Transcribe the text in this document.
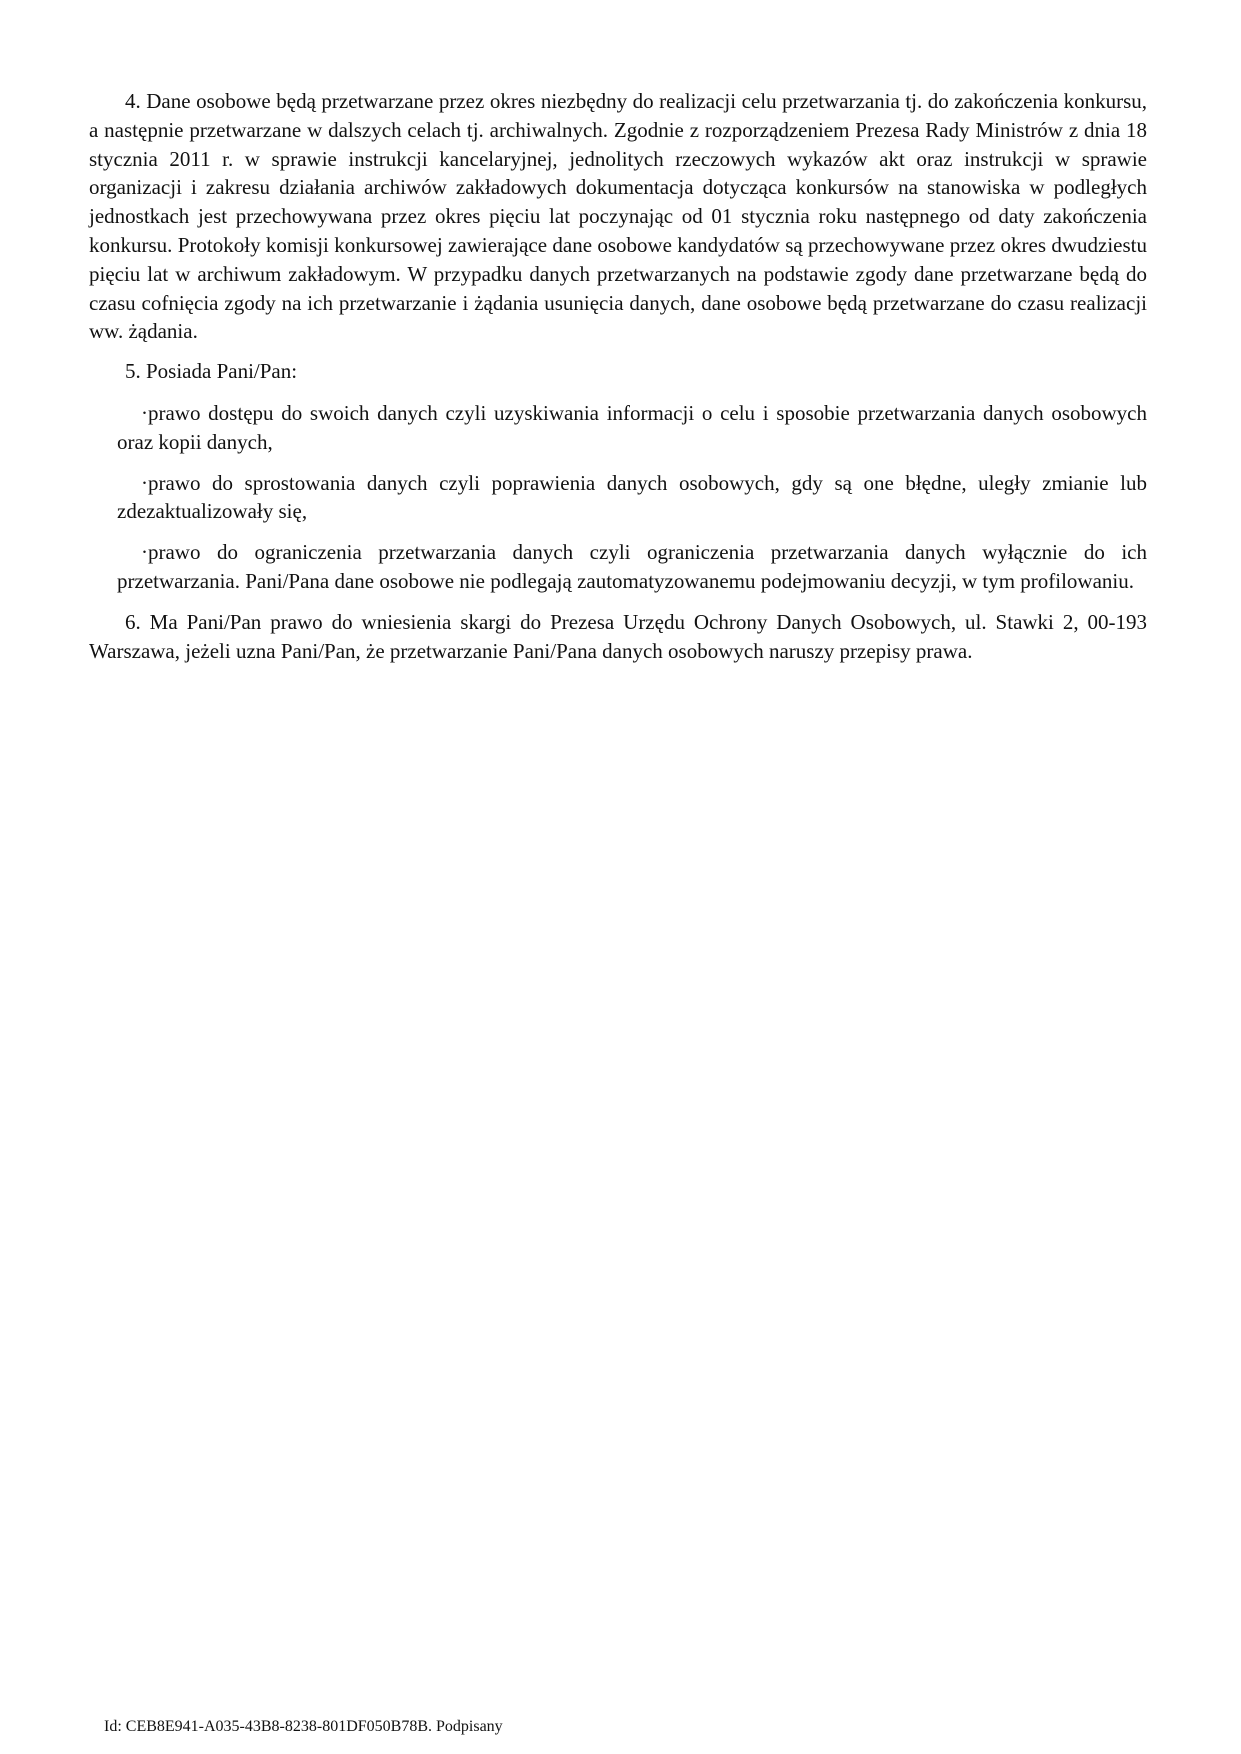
4. Dane osobowe będą przetwarzane przez okres niezbędny do realizacji celu przetwarzania tj. do zakończenia konkursu, a następnie przetwarzane w dalszych celach tj. archiwalnych. Zgodnie z rozporządzeniem Prezesa Rady Ministrów z dnia 18 stycznia 2011 r. w sprawie instrukcji kancelaryjnej, jednolitych rzeczowych wykazów akt oraz instrukcji w sprawie organizacji i zakresu działania archiwów zakładowych dokumentacja dotycząca konkursów na stanowiska w podległych jednostkach jest przechowywana przez okres pięciu lat poczynając od 01 stycznia roku następnego od daty zakończenia konkursu. Protokoły komisji konkursowej zawierające dane osobowe kandydatów są przechowywane przez okres dwudziestu pięciu lat w archiwum zakładowym. W przypadku danych przetwarzanych na podstawie zgody dane przetwarzane będą do czasu cofnięcia zgody na ich przetwarzanie i żądania usunięcia danych, dane osobowe będą przetwarzane do czasu realizacji ww. żądania.

5. Posiada Pani/Pan:

·prawo dostępu do swoich danych czyli uzyskiwania informacji o celu i sposobie przetwarzania danych osobowych oraz kopii danych,

·prawo do sprostowania danych czyli poprawienia danych osobowych, gdy są one błędne, uległy zmianie lub zdezaktualizowały się,

·prawo do ograniczenia przetwarzania danych czyli ograniczenia przetwarzania danych wyłącznie do ich przetwarzania. Pani/Pana dane osobowe nie podlegają zautomatyzowanemu podejmowaniu decyzji, w tym profilowaniu.

6. Ma Pani/Pan prawo do wniesienia skargi do Prezesa Urzędu Ochrony Danych Osobowych, ul. Stawki 2, 00-193 Warszawa, jeżeli uzna Pani/Pan, że przetwarzanie Pani/Pana danych osobowych naruszy przepisy prawa.

Id: CEB8E941-A035-43B8-8238-801DF050B78B. Podpisany
